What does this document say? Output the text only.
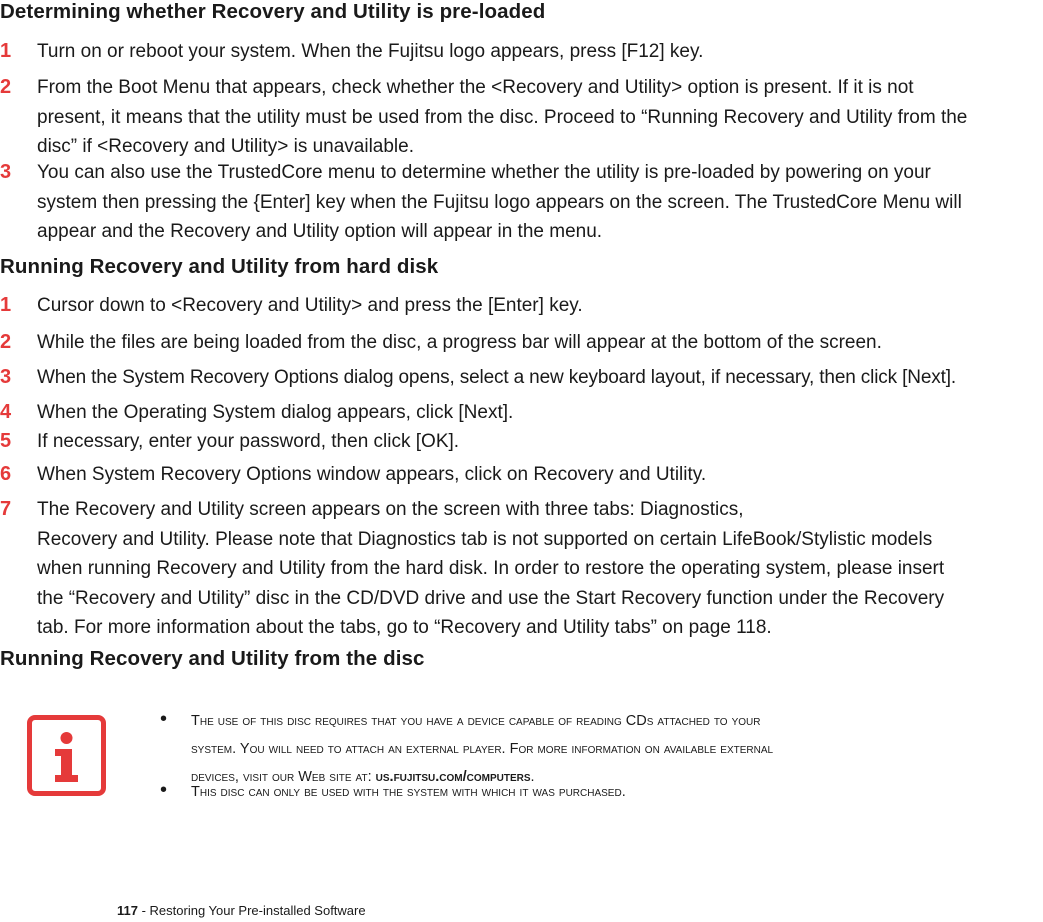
Determining whether Recovery and Utility is pre-loaded
1 Turn on or reboot your system. When the Fujitsu logo appears, press [F12] key.
2 From the Boot Menu that appears, check whether the <Recovery and Utility> option is present. If it is not
present, it means that the utility must be used from the disc. Proceed to “Running Recovery and Utility from the
disc” if <Recovery and Utility> is unavailable.
3 You can also use the TrustedCore menu to determine whether the utility is pre-loaded by powering on your
system then pressing the {Enter] key when the Fujitsu logo appears on the screen. The TrustedCore Menu will
appear and the Recovery and Utility option will appear in the menu.
Running Recovery and Utility from hard disk
1 Cursor down to <Recovery and Utility> and press the [Enter] key.
2 While the files are being loaded from the disc, a progress bar will appear at the bottom of the screen.
3 When the System Recovery Options dialog opens, select a new keyboard layout, if necessary, then click [Next].
4 When the Operating System dialog appears, click [Next].
5 If necessary, enter your password, then click [OK].
6 When System Recovery Options window appears, click on Recovery and Utility.
7 The Recovery and Utility screen appears on the screen with three tabs: Diagnostics,
Recovery and Utility. Please note that Diagnostics tab is not supported on certain LifeBook/Stylistic models
when running Recovery and Utility from the hard disk. In order to restore the operating system, please insert
the “Recovery and Utility” disc in the CD/DVD drive and use the Start Recovery function under the Recovery
tab. For more information about the tabs, go to “Recovery and Utility tabs” on page 118.
Running Recovery and Utility from the disc
• The use of this disc requires that you have a device capable of reading CDs attached to your
system. You will need to attach an external player. For more information on available external
devices, visit our Web site at: us.fujitsu.com/computers.
• This disc can only be used with the system with which it was purchased.
117 - Restoring Your Pre-installed Software
